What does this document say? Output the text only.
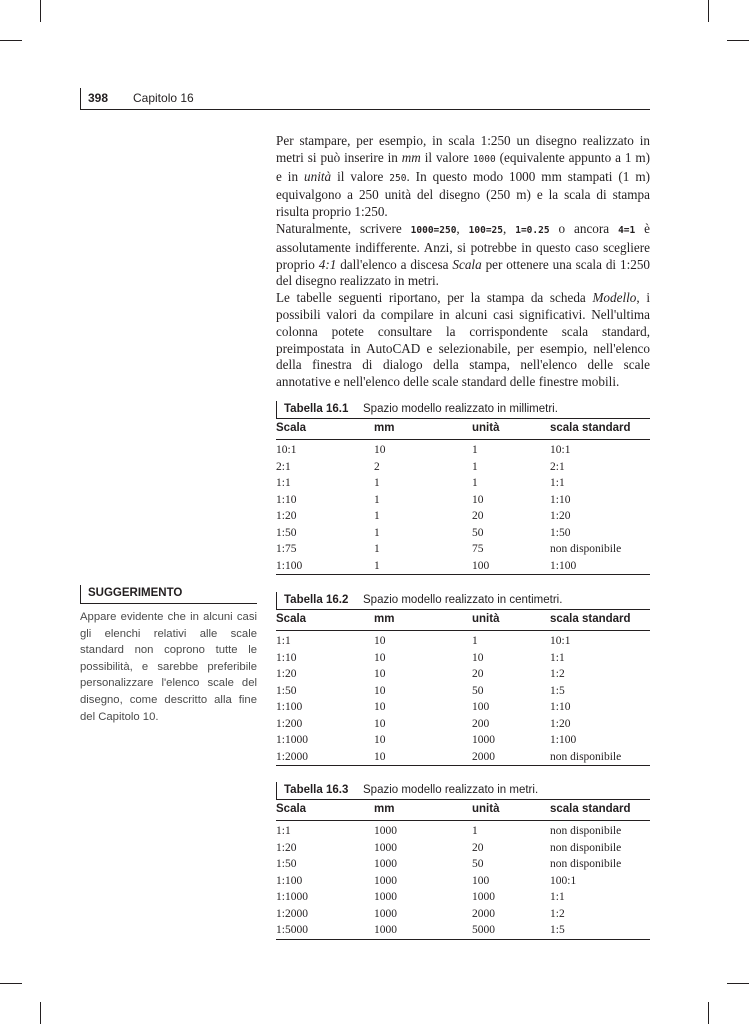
398 Capitolo 16

Per stampare, per esempio, in scala 1:250 un disegno realizzato in metri si può inserire in mm il valore 1000 (equivalente appunto a 1 m) e in unità il valore 250. In questo modo 1000 mm stampati (1 m) equivalgono a 250 unità del disegno (250 m) e la scala di stampa risulta proprio 1:250.

Naturalmente, scrivere 1000=250, 100=25, 1=0.25 o ancora 4=1 è assolutamente indifferente. Anzi, si potrebbe in questo caso scegliere proprio 4:1 dall'elenco a discesa Scala per ottenere una scala di 1:250 del disegno realizzato in metri.

Le tabelle seguenti riportano, per la stampa da scheda Modello, i possibili valori da compilare in alcuni casi significativi. Nell'ultima colonna potete consultare la corrispondente scala standard, preimpostata in AutoCAD e selezionabile, per esempio, nell'elenco della finestra di dialogo della stampa, nell'elenco delle scale annotative e nell'elenco delle scale standard delle finestre mobili.

Tabella 16.1 Spazio modello realizzato in millimetri.
Scala	mm	unità	scala standard

10:1	10	1	10:1
2:1	2	1	2:1
1:1	1	1	1:1
1:10	1	10	1:10
1:20	1	20	1:20
1:50	1	50	1:50
1:75	1	75	non disponibile
1:100	1	100	1:100
Tabella 16.2 Spazio modello realizzato in centimetri.
Scala	mm	unità	scala standard

1:1	10	1	10:1
1:10	10	10	1:1
1:20	10	20	1:2
1:50	10	50	1:5
1:100	10	100	1:10
1:200	10	200	1:20
1:1000	10	1000	1:100
1:2000	10	2000	non disponibile
Tabella 16.3 Spazio modello realizzato in metri.
Scala	mm	unità	scala standard

1:1	1000	1	non disponibile
1:20	1000	20	non disponibile
1:50	1000	50	non disponibile
1:100	1000	100	100:1
1:1000	1000	1000	1:1
1:2000	1000	2000	1:2
1:5000	1000	5000	1:5
SUGGERIMENTO

Appare evidente che in alcuni casi gli elenchi relativi alle scale standard non coprono tutte le possibilità, e sarebbe preferibile personalizzare l'elenco scale del disegno, come descritto alla fine del Capitolo 10.
